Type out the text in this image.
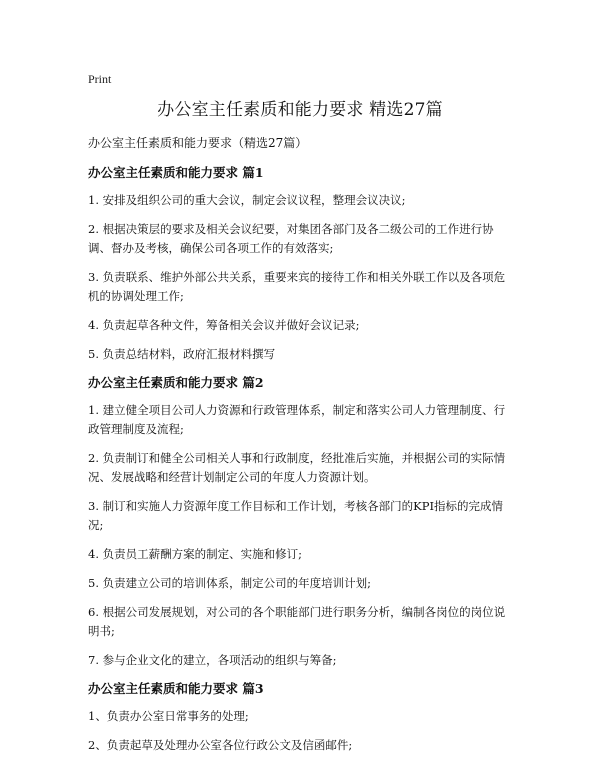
Print
办公室主任素质和能力要求 精选27篇

办公室主任素质和能力要求（精选27篇）

办公室主任素质和能力要求 篇1

1. 安排及组织公司的重大会议，制定会议议程，整理会议决议;

2. 根据决策层的要求及相关会议纪要，对集团各部门及各二级公司的工作进行协调、督办及考核，确保公司各项工作的有效落实;

3. 负责联系、维护外部公共关系，重要来宾的接待工作和相关外联工作以及各项危机的协调处理工作;

4. 负责起草各种文件，筹备相关会议并做好会议记录;

5. 负责总结材料，政府汇报材料撰写

办公室主任素质和能力要求 篇2

1. 建立健全项目公司人力资源和行政管理体系，制定和落实公司人力管理制度、行政管理制度及流程;

2. 负责制订和健全公司相关人事和行政制度，经批准后实施，并根据公司的实际情况、发展战略和经营计划制定公司的年度人力资源计划。

3. 制订和实施人力资源年度工作目标和工作计划，考核各部门的KPI指标的完成情况;

4. 负责员工薪酬方案的制定、实施和修订;

5. 负责建立公司的培训体系，制定公司的年度培训计划;

6. 根据公司发展规划，对公司的各个职能部门进行职务分析，编制各岗位的岗位说明书;

7. 参与企业文化的建立，各项活动的组织与筹备;

办公室主任素质和能力要求 篇3

1、负责办公室日常事务的处理;

2、负责起草及处理办公室各位行政公文及信函邮件;
